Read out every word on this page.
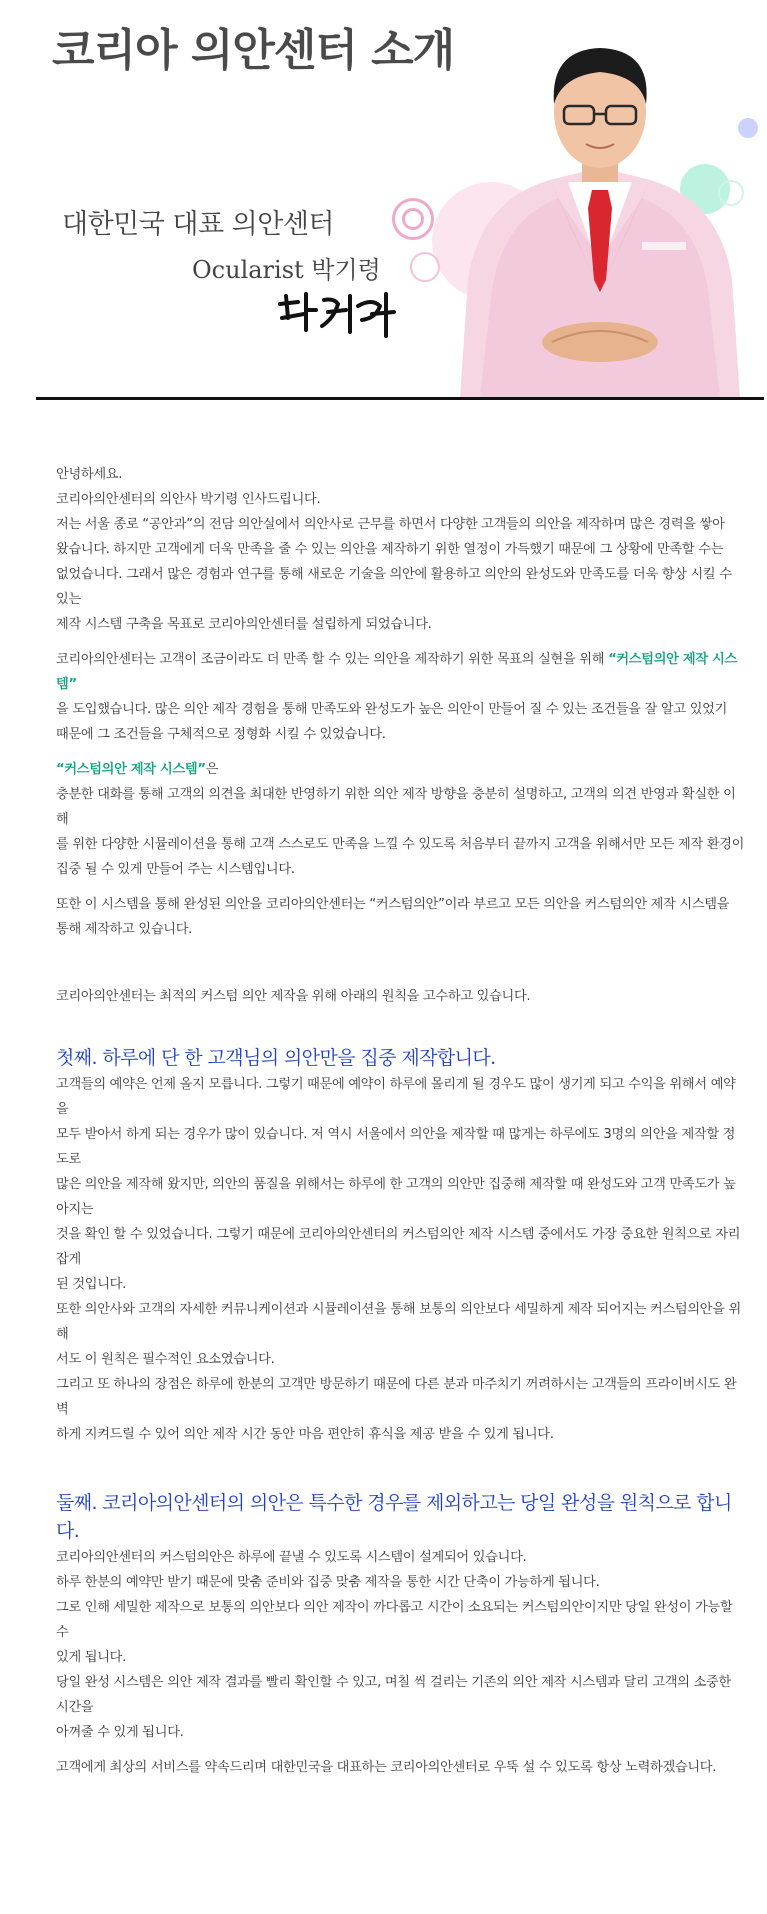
코리아 의안센터 소개

대한민국 대표 의안센터

Ocularist 박기령

안녕하세요.

코리아의안센터의 의안사 박기령 인사드립니다.

저는 서울 종로 “공안과”의 전담 의안실에서 의안사로 근무를 하면서 다양한 고객들의 의안을 제작하며 많은 경력을 쌓아

왔습니다. 하지만 고객에게 더욱 만족을 줄 수 있는 의안을 제작하기 위한 열정이 가득했기 때문에 그 상황에 만족할 수는

없었습니다. 그래서 많은 경험과 연구를 통해 새로운 기술을 의안에 활용하고 의안의 완성도와 만족도를 더욱 향상 시킬 수 있는

제작 시스템 구축을 목표로 코리아의안센터를 설립하게 되었습니다.

코리아의안센터는 고객이 조금이라도 더 만족 할 수 있는 의안을 제작하기 위한 목표의 실현을 위해 “커스텀의안 제작 시스템”

을 도입했습니다. 많은 의안 제작 경험을 통해 만족도와 완성도가 높은 의안이 만들어 질 수 있는 조건들을 잘 알고 있었기

때문에 그 조건들을 구체적으로 정형화 시킬 수 있었습니다.

“커스텀의안 제작 시스템”은

충분한 대화를 통해 고객의 의견을 최대한 반영하기 위한 의안 제작 방향을 충분히 설명하고, 고객의 의견 반영과 확실한 이해

를 위한 다양한 시뮬레이션을 통해 고객 스스로도 만족을 느낄 수 있도록 처음부터 끝까지 고객을 위해서만 모든 제작 환경이

집중 될 수 있게 만들어 주는 시스템입니다.

또한 이 시스템을 통해 완성된 의안을 코리아의안센터는 “커스텀의안”이라 부르고 모든 의안을 커스텀의안 제작 시스템을

통해 제작하고 있습니다.

코리아의안센터는 최적의 커스텀 의안 제작을 위해 아래의 원칙을 고수하고 있습니다.

첫째. 하루에 단 한 고객님의 의안만을 집중 제작합니다.

고객들의 예약은 언제 올지 모릅니다. 그렇기 때문에 예약이 하루에 몰리게 될 경우도 많이 생기게 되고 수익을 위해서 예약을

모두 받아서 하게 되는 경우가 많이 있습니다. 저 역시 서울에서 의안을 제작할 때 많게는 하루에도 3명의 의안을 제작할 정도로

많은 의안을 제작해 왔지만, 의안의 품질을 위해서는 하루에 한 고객의 의안만 집중해 제작할 때 완성도와 고객 만족도가 높아지는

것을 확인 할 수 있었습니다. 그렇기 때문에 코리아의안센터의 커스텀의안 제작 시스템 중에서도 가장 중요한 원칙으로 자리 잡게

된 것입니다.

또한 의안사와 고객의 자세한 커뮤니케이션과 시뮬레이션을 통해 보통의 의안보다 세밀하게 제작 되어지는 커스텀의안을 위해

서도 이 원칙은 필수적인 요소였습니다.

그리고 또 하나의 장점은 하루에 한분의 고객만 방문하기 때문에 다른 분과 마주치기 꺼려하시는 고객들의 프라이버시도 완벽

하게 지켜드릴 수 있어 의안 제작 시간 동안 마음 편안히 휴식을 제공 받을 수 있게 됩니다.

둘째. 코리아의안센터의 의안은 특수한 경우를 제외하고는 당일 완성을 원칙으로 합니다.

코리아의안센터의 커스텀의안은 하루에 끝낼 수 있도록 시스템이 설계되어 있습니다.

하루 한분의 예약만 받기 때문에 맞춤 준비와 집중 맞춤 제작을 통한 시간 단축이 가능하게 됩니다.

그로 인해 세밀한 제작으로 보통의 의안보다 의안 제작이 까다롭고 시간이 소요되는 커스텀의안이지만 당일 완성이 가능할 수

있게 됩니다.

당일 완성 시스템은 의안 제작 결과를 빨리 확인할 수 있고, 며칠 씩 걸리는 기존의 의안 제작 시스템과 달리 고객의 소중한 시간을

아껴줄 수 있게 됩니다.

고객에게 최상의 서비스를 약속드리며 대한민국을 대표하는 코리아의안센터로 우뚝 설 수 있도록 항상 노력하겠습니다.
